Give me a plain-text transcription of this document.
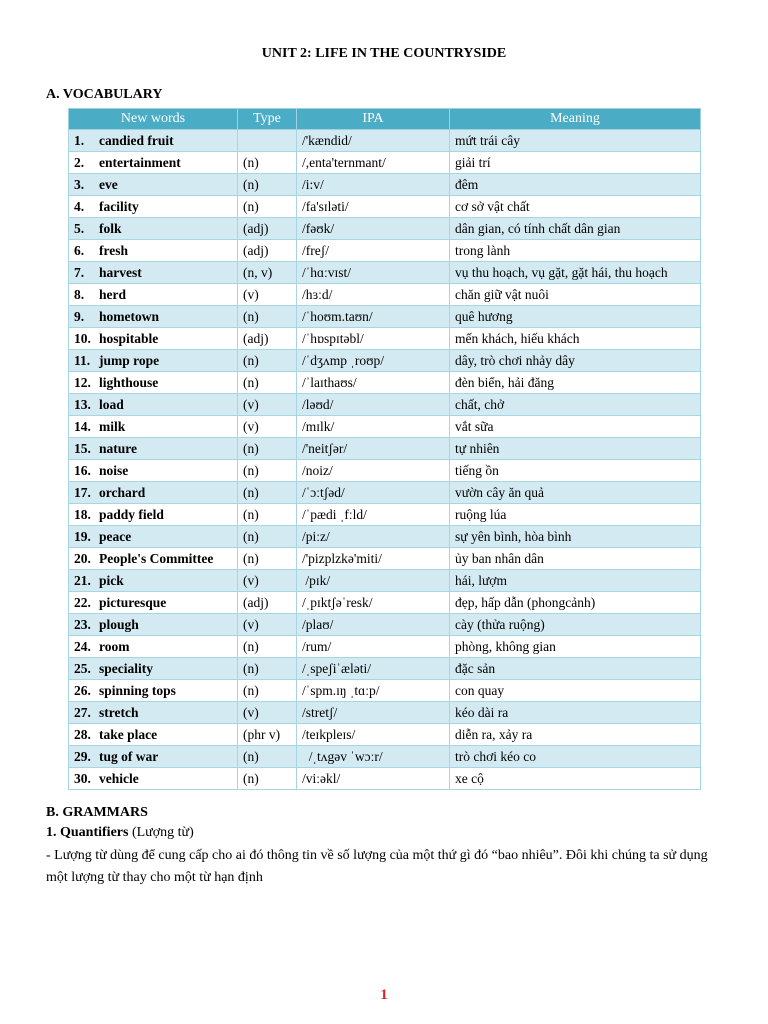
UNIT 2: LIFE IN THE COUNTRYSIDE
A. VOCABULARY
New words	Type	IPA	Meaning
1. candied fruit		/'kændid/	mứt trái cây
2. entertainment	(n)	/,enta'ternmant/	giải trí
3. eve	(n)	/i:v/	đêm
4. facility	(n)	/fa'sɪləti/	cơ sở vật chất
5. folk	(adj)	/fəʊk/	dân gian, có tính chất dân gian
6. fresh	(adj)	/freʃ/	trong lành
7. harvest	(n, v)	/ˈhɑːvɪst/	vụ thu hoạch, vụ gặt, gặt hái, thu hoạch
8. herd	(v)	/hɜːd/	chăn giữ vật nuôi
9. hometown	(n)	/ˈhoʊm.taʊn/	quê hương
10. hospitable	(adj)	/ˈhɒspɪtəbl/	mến khách, hiếu khách
11. jump rope	(n)	/ˈdʒʌmp ˌroʊp/	dây, trò chơi nhảy dây
12. lighthouse	(n)	/ˈlaɪthaʊs/	đèn biển, hải đăng
13. load	(v)	/ləʊd/	chất, chở
14. milk	(v)	/mɪlk/	vắt sữa
15. nature	(n)	/'neitʃər/	tự nhiên
16. noise	(n)	/noiz/	tiếng ồn
17. orchard	(n)	/ˈɔːtʃəd/	vườn cây ăn quả
18. paddy field	(n)	/ˈpædi ˌfːld/	ruộng lúa
19. peace	(n)	/piːz/	sự yên bình, hòa bình
20. People's Committee	(n)	/'pizplzkə'miti/	ủy ban nhân dân
21. pick	(v)	/pɪk/	hái, lượm
22. picturesque	(adj)	/ˌpɪktʃəˈresk/	đẹp, hấp dẫn (phongcảnh)
23. plough	(v)	/plaʊ/	cày (thửa ruộng)
24. room	(n)	/rum/	phòng, không gian
25. speciality	(n)	/ˌspeʃiˈæləti/	đặc sản
26. spinning tops	(n)	/ˈspm.ɪŋ ˌtɑːp/	con quay
27. stretch	(v)	/stretʃ/	kéo dài ra
28. take place	(phr v)	/teɪkpleɪs/	diễn ra, xảy ra
29. tug of war	(n)	/ˌtʌgəv ˈwɔːr/	trò chơi kéo co
30. vehicle	(n)	/viːəkl/	xe cộ
B. GRAMMARS
1. Quantifiers (Lượng từ)
- Lượng từ dùng để cung cấp cho ai đó thông tin về số lượng của một thứ gì đó “bao nhiêu”. Đôi khi chúng ta sử dụng một lượng từ thay cho một từ hạn định
1
